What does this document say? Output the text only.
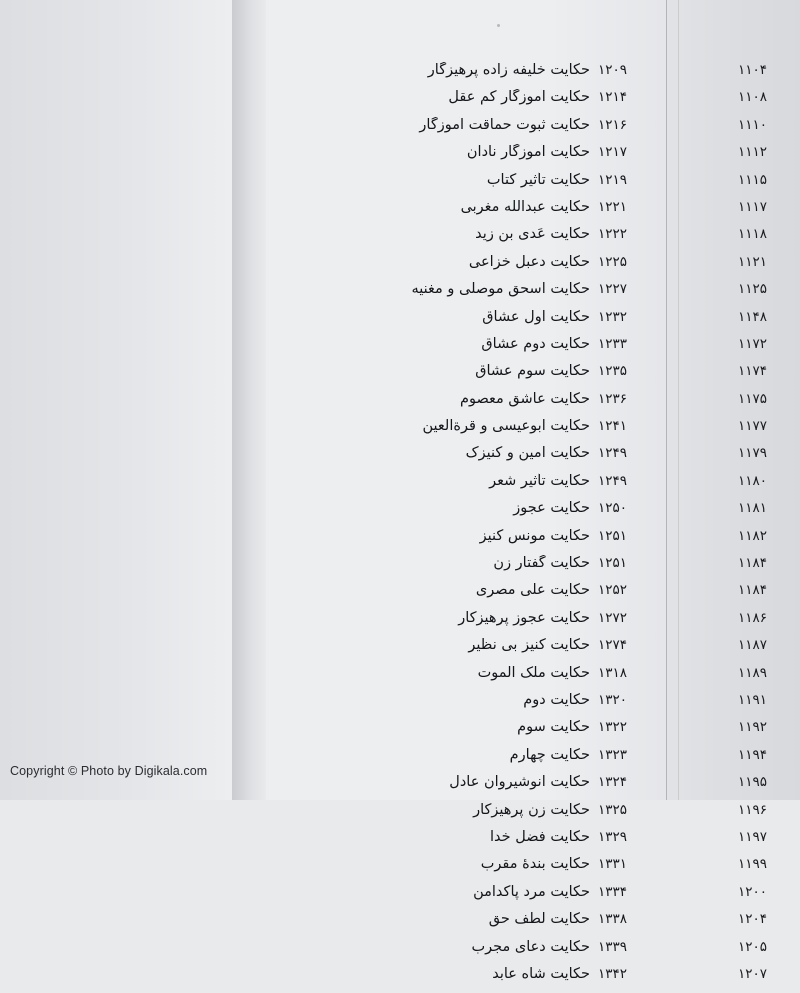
۱۲۰۹
حکایت خلیفه زاده پرهیزگار
۱۲۱۴
حکایت آموزگار کم عقل
۱۲۱۶
حکایت ثبوت حماقت آموزگار
۱۲۱۷
حکایت آموزگار نادان
۱۲۱۹
حکایت تأثیر کتاب
۱۲۲۱
حکایت عبدالله مغربی
۱۲۲۲
حکایت عَدی بن زید
۱۲۲۵
حکایت دعبل خزاعی
۱۲۲۷
حکایت اسحق موصلی و مغنیه
۱۲۳۲
حکایت اول عشاق
۱۲۳۳
حکایت دوم عشاق
۱۲۳۵
حکایت سوم عشاق
۱۲۳۶
حکایت عاشق معصوم
۱۲۴۱
حکایت ابوعیسی و قرةالعین
۱۲۴۹
حکایت امین و کنیزک
۱۲۴۹
حکایت تأثیر شعر
۱۲۵۰
حکایت عجوز
۱۲۵۱
حکایت مونس کنیز
۱۲۵۱
حکایت گفتار زن
۱۲۵۲
حکایت علی مصری
۱۲۷۲
حکایت عجوز پرهیزکار
۱۲۷۴
حکایت کنیز بی نظیر
۱۳۱۸
حکایت ملک الموت
۱۳۲۰
حکایت دوم
۱۳۲۲
حکایت سوم
۱۳۲۳
حکایت چهارم
۱۳۲۴
حکایت انوشیروان عادل
۱۳۲۵
حکایت زن پرهیزکار
۱۳۲۹
حکایت فضل خدا
۱۳۳۱
حکایت بندۀ مقرب
۱۳۳۴
حکایت مرد پاکدامن
۱۳۳۸
حکایت لطف حق
۱۳۳۹
حکایت دعای مجرب
۱۳۴۲
حکایت شاه عابد
۱۱۰۴
۱۱۰۸
۱۱۱۰
۱۱۱۲
۱۱۱۵
۱۱۱۷
۱۱۱۸
۱۱۲۱
۱۱۲۵
۱۱۴۸
۱۱۷۲
۱۱۷۴
۱۱۷۵
۱۱۷۷
۱۱۷۹
۱۱۸۰
۱۱۸۱
۱۱۸۲
۱۱۸۴
۱۱۸۴
۱۱۸۶
۱۱۸۷
۱۱۸۹
۱۱۹۱
۱۱۹۲
۱۱۹۴
۱۱۹۵
۱۱۹۶
۱۱۹۷
۱۱۹۹
۱۲۰۰
۱۲۰۴
۱۲۰۵
۱۲۰۷
Copyright © Photo by Digikala.com
